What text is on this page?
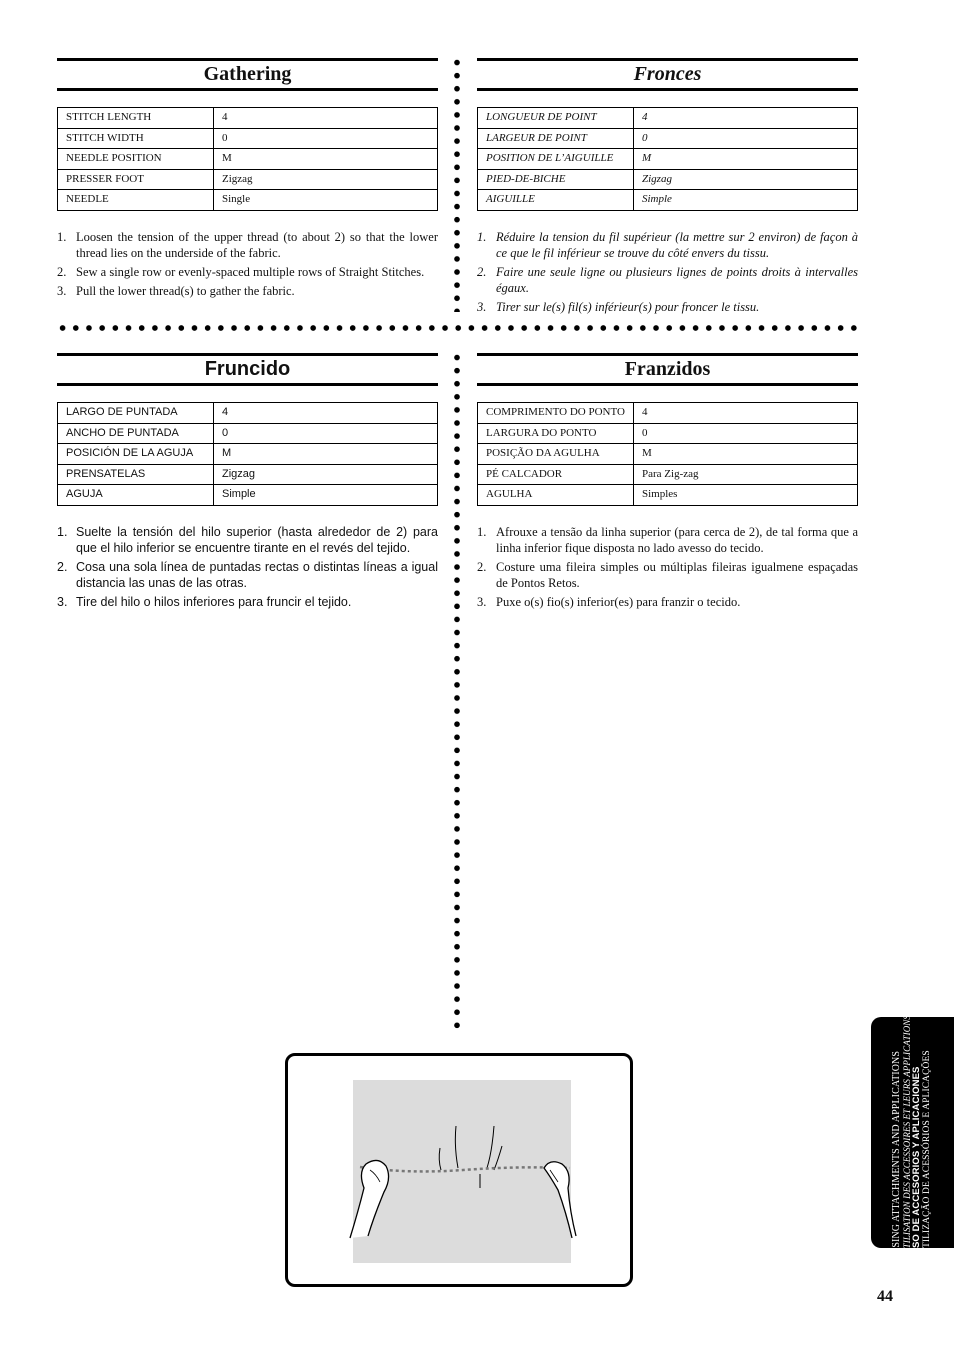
Gathering
STITCH LENGTH	4
STITCH WIDTH	0
NEEDLE POSITION	M
PRESSER FOOT	Zigzag
NEEDLE	Single
1. Loosen the tension of the upper thread (to about 2) so that the lower thread lies on the underside of the fabric.
2. Sew a single row or evenly-spaced multiple rows of Straight Stitches.
3. Pull the lower thread(s) to gather the fabric.
Fronces
LONGUEUR DE POINT	4
LARGEUR DE POINT	0
POSITION DE L’AIGUILLE	M
PIED-DE-BICHE	Zigzag
AIGUILLE	Simple
1. Réduire la tension du fil supérieur (la mettre sur 2 environ) de façon à ce que le fil inférieur se trouve du côté envers du tissu.
2. Faire une seule ligne ou plusieurs lignes de points droits à intervalles égaux.
3. Tirer sur le(s) fil(s) inférieur(s) pour froncer le tissu.
Fruncido
LARGO DE PUNTADA	4
ANCHO DE PUNTADA	0
POSICIÓN DE LA AGUJA	M
PRENSATELAS	Zigzag
AGUJA	Simple
1. Suelte la tensión del hilo superior (hasta alrededor de 2) para que el hilo inferior se encuentre tirante en el revés del tejido.
2. Cosa una sola línea de puntadas rectas o distintas líneas a igual distancia las unas de las otras.
3. Tire del hilo o hilos inferiores para fruncir el tejido.
Franzidos
COMPRIMENTO DO PONTO	4
LARGURA DO PONTO	0
POSIÇÃO DA AGULHA	M
PÉ CALCADOR	Para Zig-zag
AGULHA	Simples
1. Afrouxe a tensão da linha superior (para cerca de 2), de tal forma que a linha inferior fique disposta no lado avesso do tecido.
2. Costure uma fileira simples ou múltiplas fileiras igualmene espaçadas de Pontos Retos.
3. Puxe o(s) fio(s) inferior(es) para franzir o tecido.
USING ATTACHMENTS AND APPLICATIONS UTILISATION DES ACCESSOIRES ET LEURS APPLICATIONS USO DE ACCESORIOS Y APLICACIONES UTILIZAÇÃO DE ACESSÓRIOS E APLICAÇÕES
44
